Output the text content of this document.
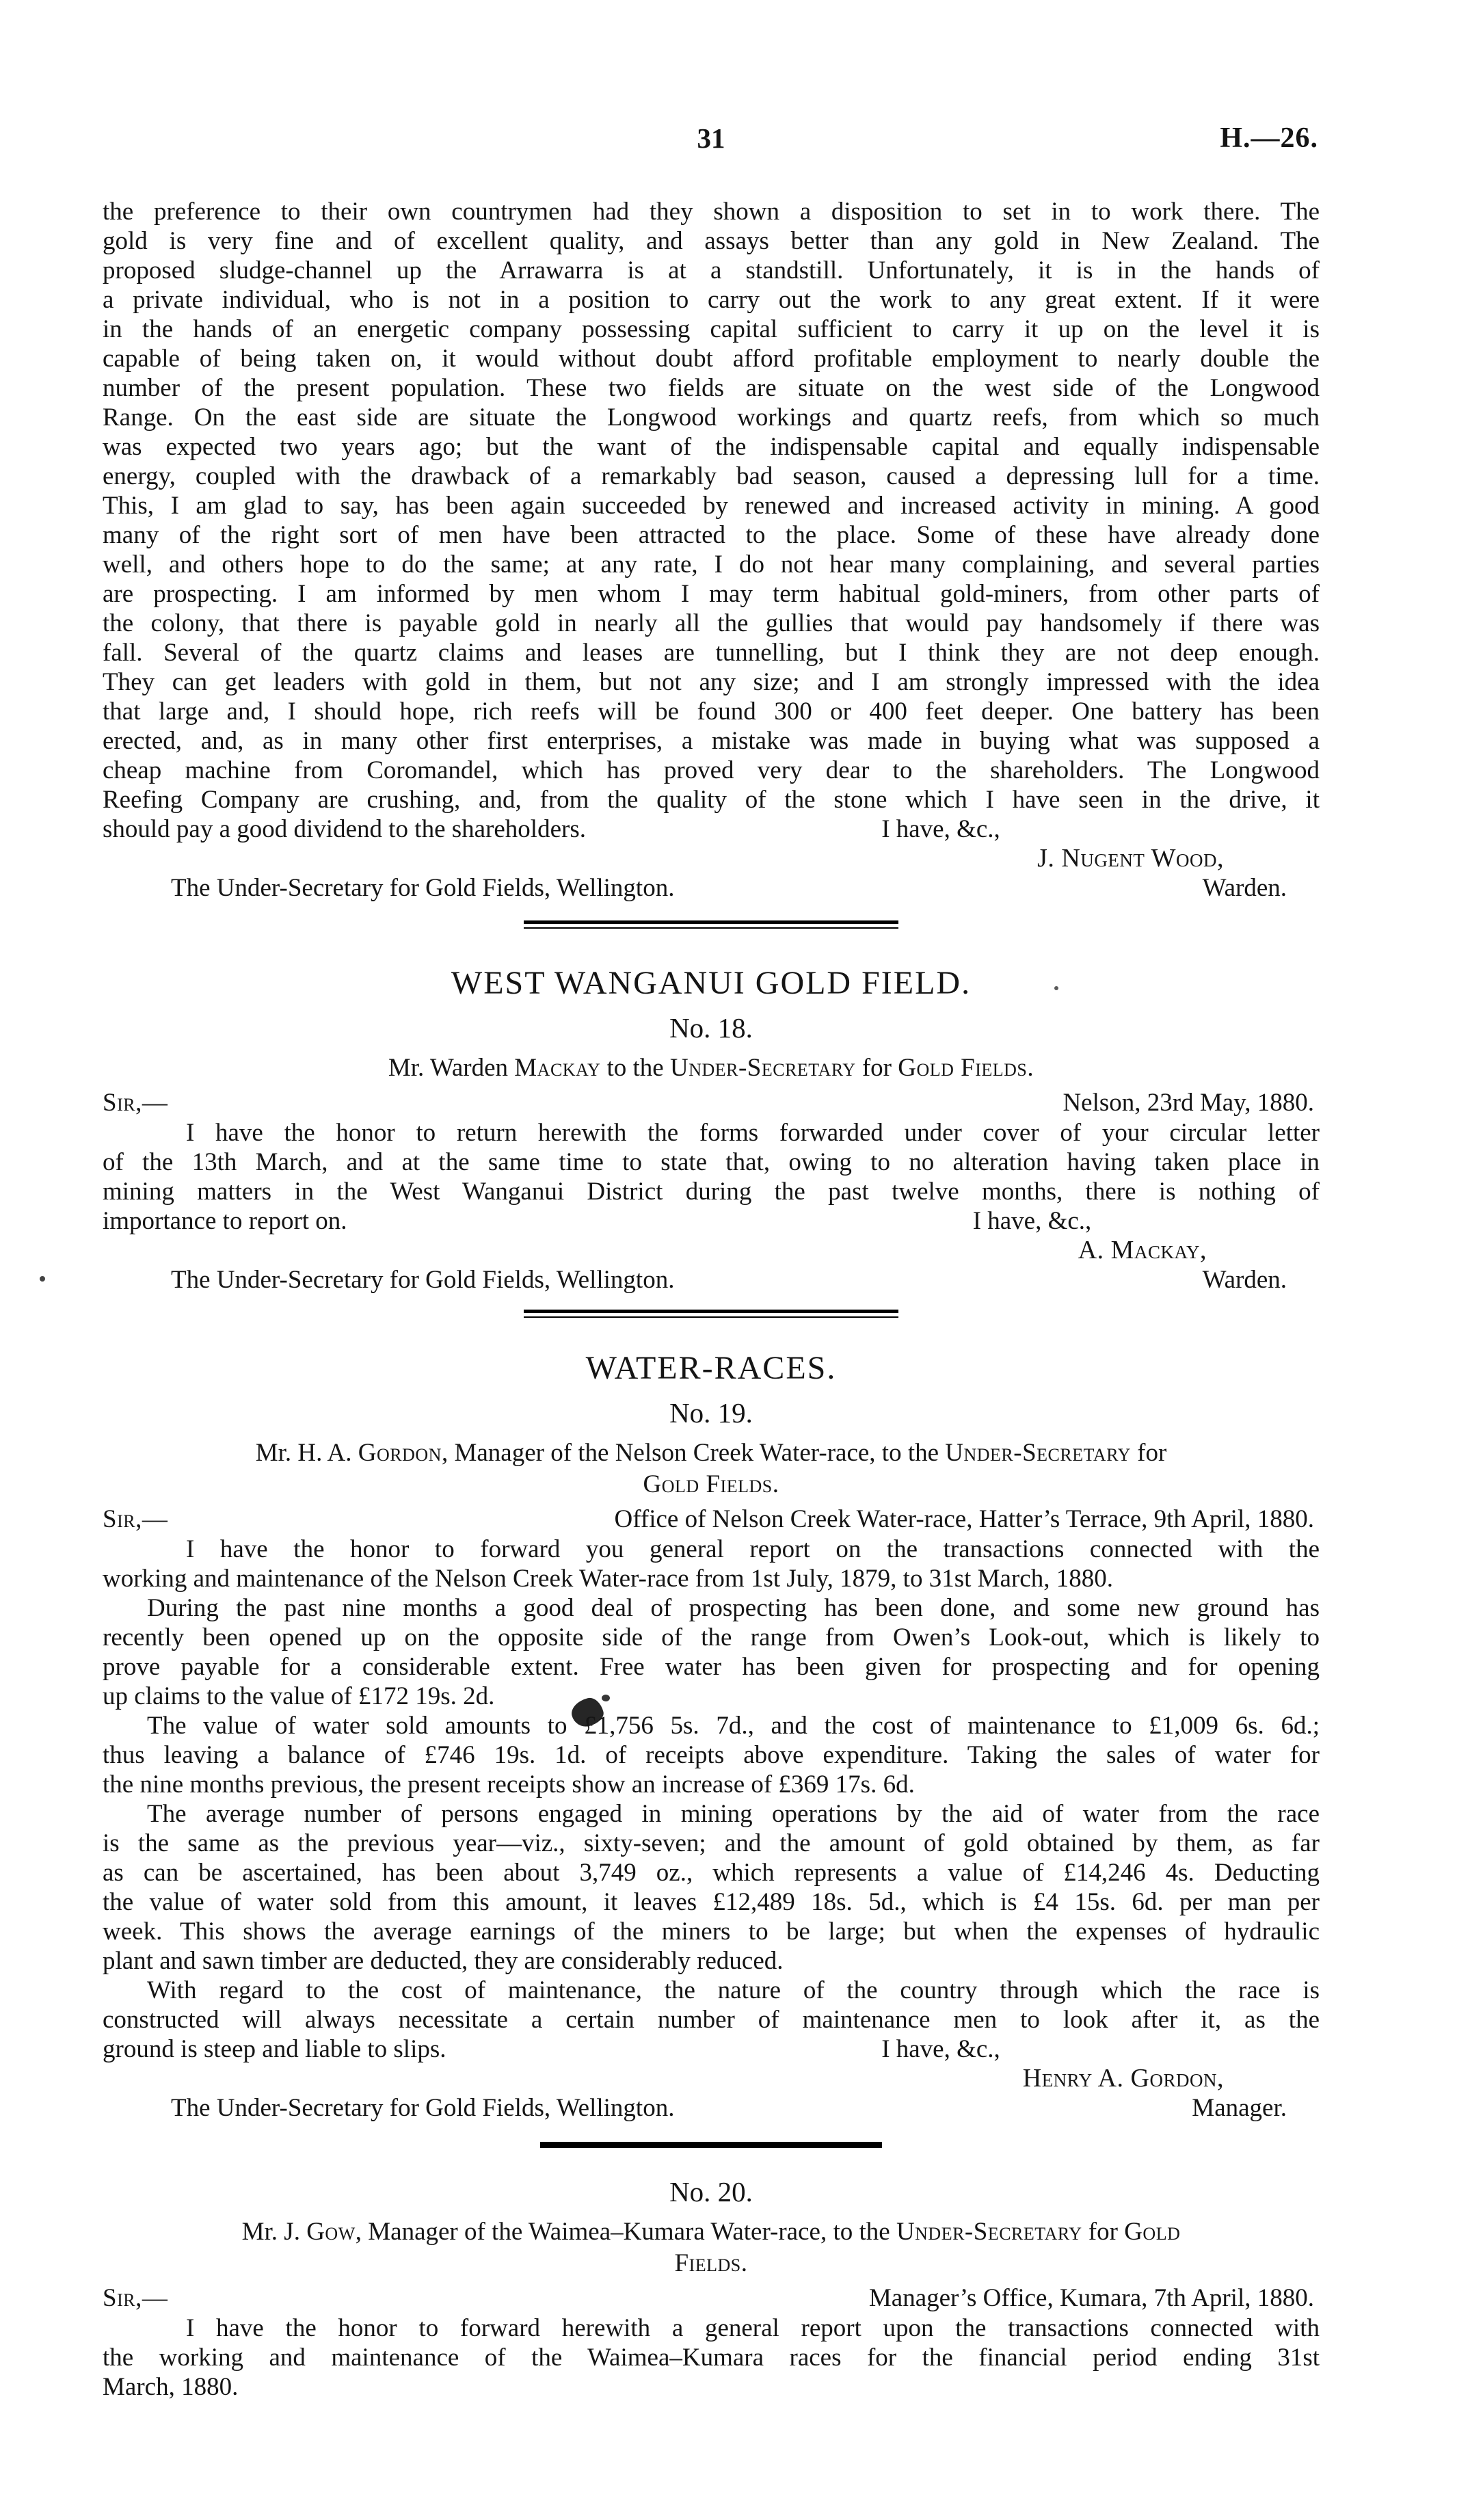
31	H.—26.
the preference to their own countrymen had they shown a disposition to set in to work there. The
gold is very fine and of excellent quality, and assays better than any gold in New Zealand. The
proposed sludge-channel up the Arrawarra is at a standstill. Unfortunately, it is in the hands of
a private individual, who is not in a position to carry out the work to any great extent. If it were
in the hands of an energetic company possessing capital sufficient to carry it up on the level it is
capable of being taken on, it would without doubt afford profitable employment to nearly double the
number of the present population. These two fields are situate on the west side of the Longwood
Range. On the east side are situate the Longwood workings and quartz reefs, from which so much
was expected two years ago; but the want of the indispensable capital and equally indispensable
energy, coupled with the drawback of a remarkably bad season, caused a depressing lull for a time.
This, I am glad to say, has been again succeeded by renewed and increased activity in mining. A good
many of the right sort of men have been attracted to the place. Some of these have already done
well, and others hope to do the same; at any rate, I do not hear many complaining, and several parties
are prospecting. I am informed by men whom I may term habitual gold-miners, from other parts of
the colony, that there is payable gold in nearly all the gullies that would pay handsomely if there was
fall. Several of the quartz claims and leases are tunnelling, but I think they are not deep enough.
They can get leaders with gold in them, but not any size; and I am strongly impressed with the idea
that large and, I should hope, rich reefs will be found 300 or 400 feet deeper. One battery has been
erected, and, as in many other first enterprises, a mistake was made in buying what was supposed a
cheap machine from Coromandel, which has proved very dear to the shareholders. The Longwood
Reefing Company are crushing, and, from the quality of the stone which I have seen in the drive, it
should pay a good dividend to the shareholders.	I have, &c.,
J. Nugent Wood,
The Under-Secretary for Gold Fields, Wellington.	Warden.
WEST WANGANUI GOLD FIELD.
No. 18.
Mr. Warden Mackay to the Under-Secretary for Gold Fields.
Sir,—	Nelson, 23rd May, 1880.
I have the honor to return herewith the forms forwarded under cover of your circular letter
of the 13th March, and at the same time to state that, owing to no alteration having taken place in
mining matters in the West Wanganui District during the past twelve months, there is nothing of
importance to report on.	I have, &c.,
A. Mackay,
The Under-Secretary for Gold Fields, Wellington.	Warden.
WATER-RACES.
No. 19.
Mr. H. A. Gordon, Manager of the Nelson Creek Water-race, to the Under-Secretary for
Gold Fields.
Sir,—	Office of Nelson Creek Water-race, Hatter’s Terrace, 9th April, 1880.
I have the honor to forward you general report on the transactions connected with the
working and maintenance of the Nelson Creek Water-race from 1st July, 1879, to 31st March, 1880.
During the past nine months a good deal of prospecting has been done, and some new ground has
recently been opened up on the opposite side of the range from Owen’s Look-out, which is likely to
prove payable for a considerable extent. Free water has been given for prospecting and for opening
up claims to the value of £172 19s. 2d.
The value of water sold amounts to £1,756 5s. 7d., and the cost of maintenance to £1,009 6s. 6d.;
thus leaving a balance of £746 19s. 1d. of receipts above expenditure. Taking the sales of water for
the nine months previous, the present receipts show an increase of £369 17s. 6d.
The average number of persons engaged in mining operations by the aid of water from the race
is the same as the previous year—viz., sixty-seven; and the amount of gold obtained by them, as far
as can be ascertained, has been about 3,749 oz., which represents a value of £14,246 4s. Deducting
the value of water sold from this amount, it leaves £12,489 18s. 5d., which is £4 15s. 6d. per man per
week. This shows the average earnings of the miners to be large; but when the expenses of hydraulic
plant and sawn timber are deducted, they are considerably reduced.
With regard to the cost of maintenance, the nature of the country through which the race is
constructed will always necessitate a certain number of maintenance men to look after it, as the
ground is steep and liable to slips.	I have, &c.,
Henry A. Gordon,
The Under-Secretary for Gold Fields, Wellington.	Manager.
No. 20.
Mr. J. Gow, Manager of the Waimea–Kumara Water-race, to the Under-Secretary for Gold
Fields.
Sir,—	Manager’s Office, Kumara, 7th April, 1880.
I have the honor to forward herewith a general report upon the transactions connected with
the working and maintenance of the Waimea–Kumara races for the financial period ending 31st
March, 1880.
